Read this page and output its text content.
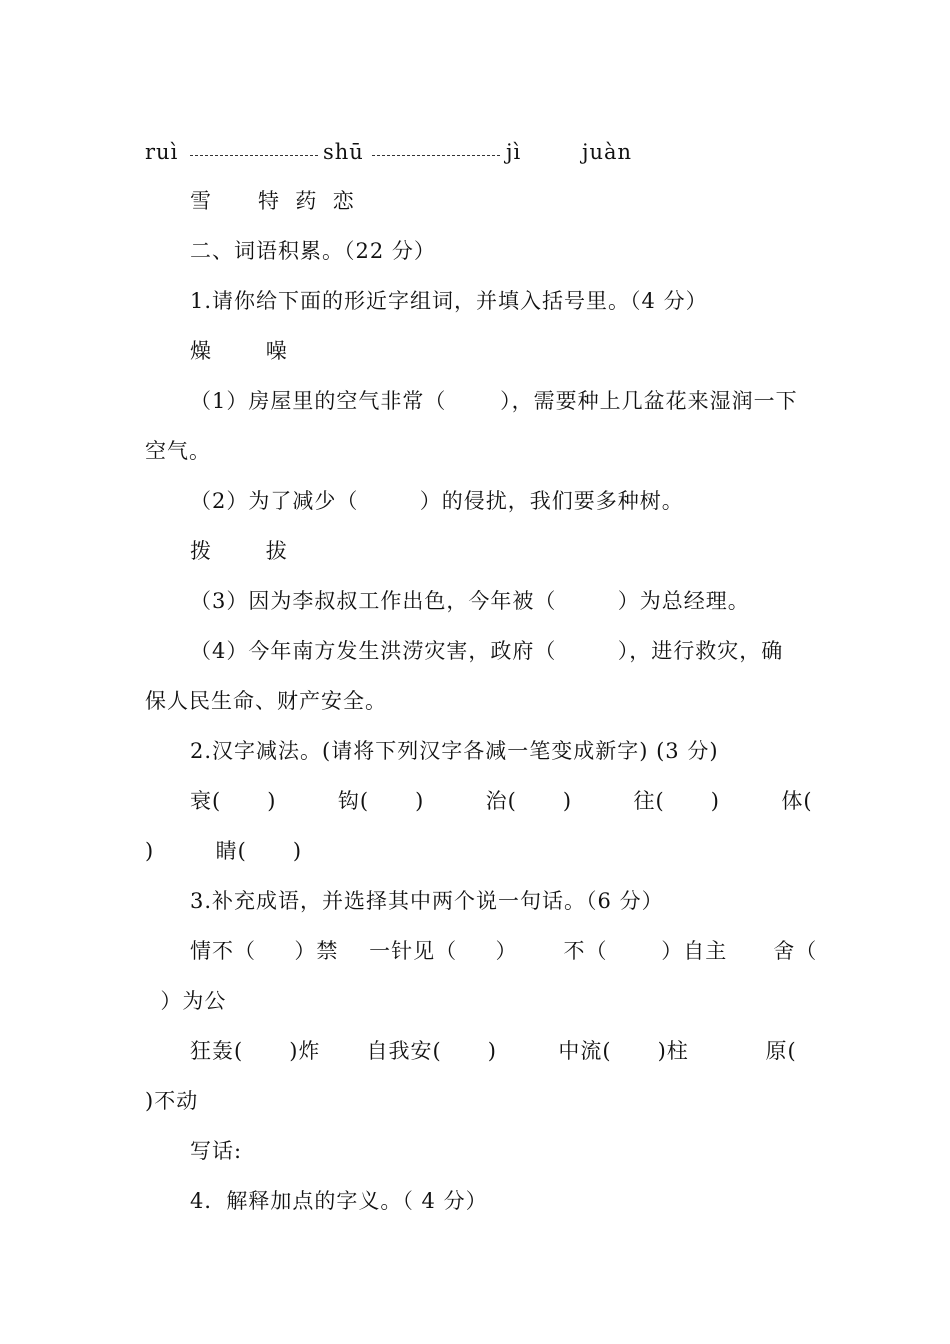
ruì	shū	jì	juàn
雪      特  药  恋
二、词语积累。（22 分）
1.请你给下面的形近字组词，并填入括号里。（4 分）
燥       噪
（1）房屋里的空气非常（       ），需要种上几盆花来湿润一下
空气。
（2）为了减少（        ）的侵扰，我们要多种树。
拨       拔
（3）因为李叔叔工作出色，今年被（        ）为总经理。
（4）今年南方发生洪涝灾害，政府（        ），进行救灾，确
保人民生命、财产安全。
2.汉字减法。(请将下列汉字各减一笔变成新字) (3 分)
衰(      )        钩(      )        治(      )        往(      )        体(
)        睛(      )
3.补充成语，并选择其中两个说一句话。（6 分）
情不（     ）禁    一针见（     ）      不（       ）自主      舍（
）为公
狂轰(      )炸      自我安(      )        中流(      )柱          原(
)不动
写话:
4．解释加点的字义。（ 4 分）
